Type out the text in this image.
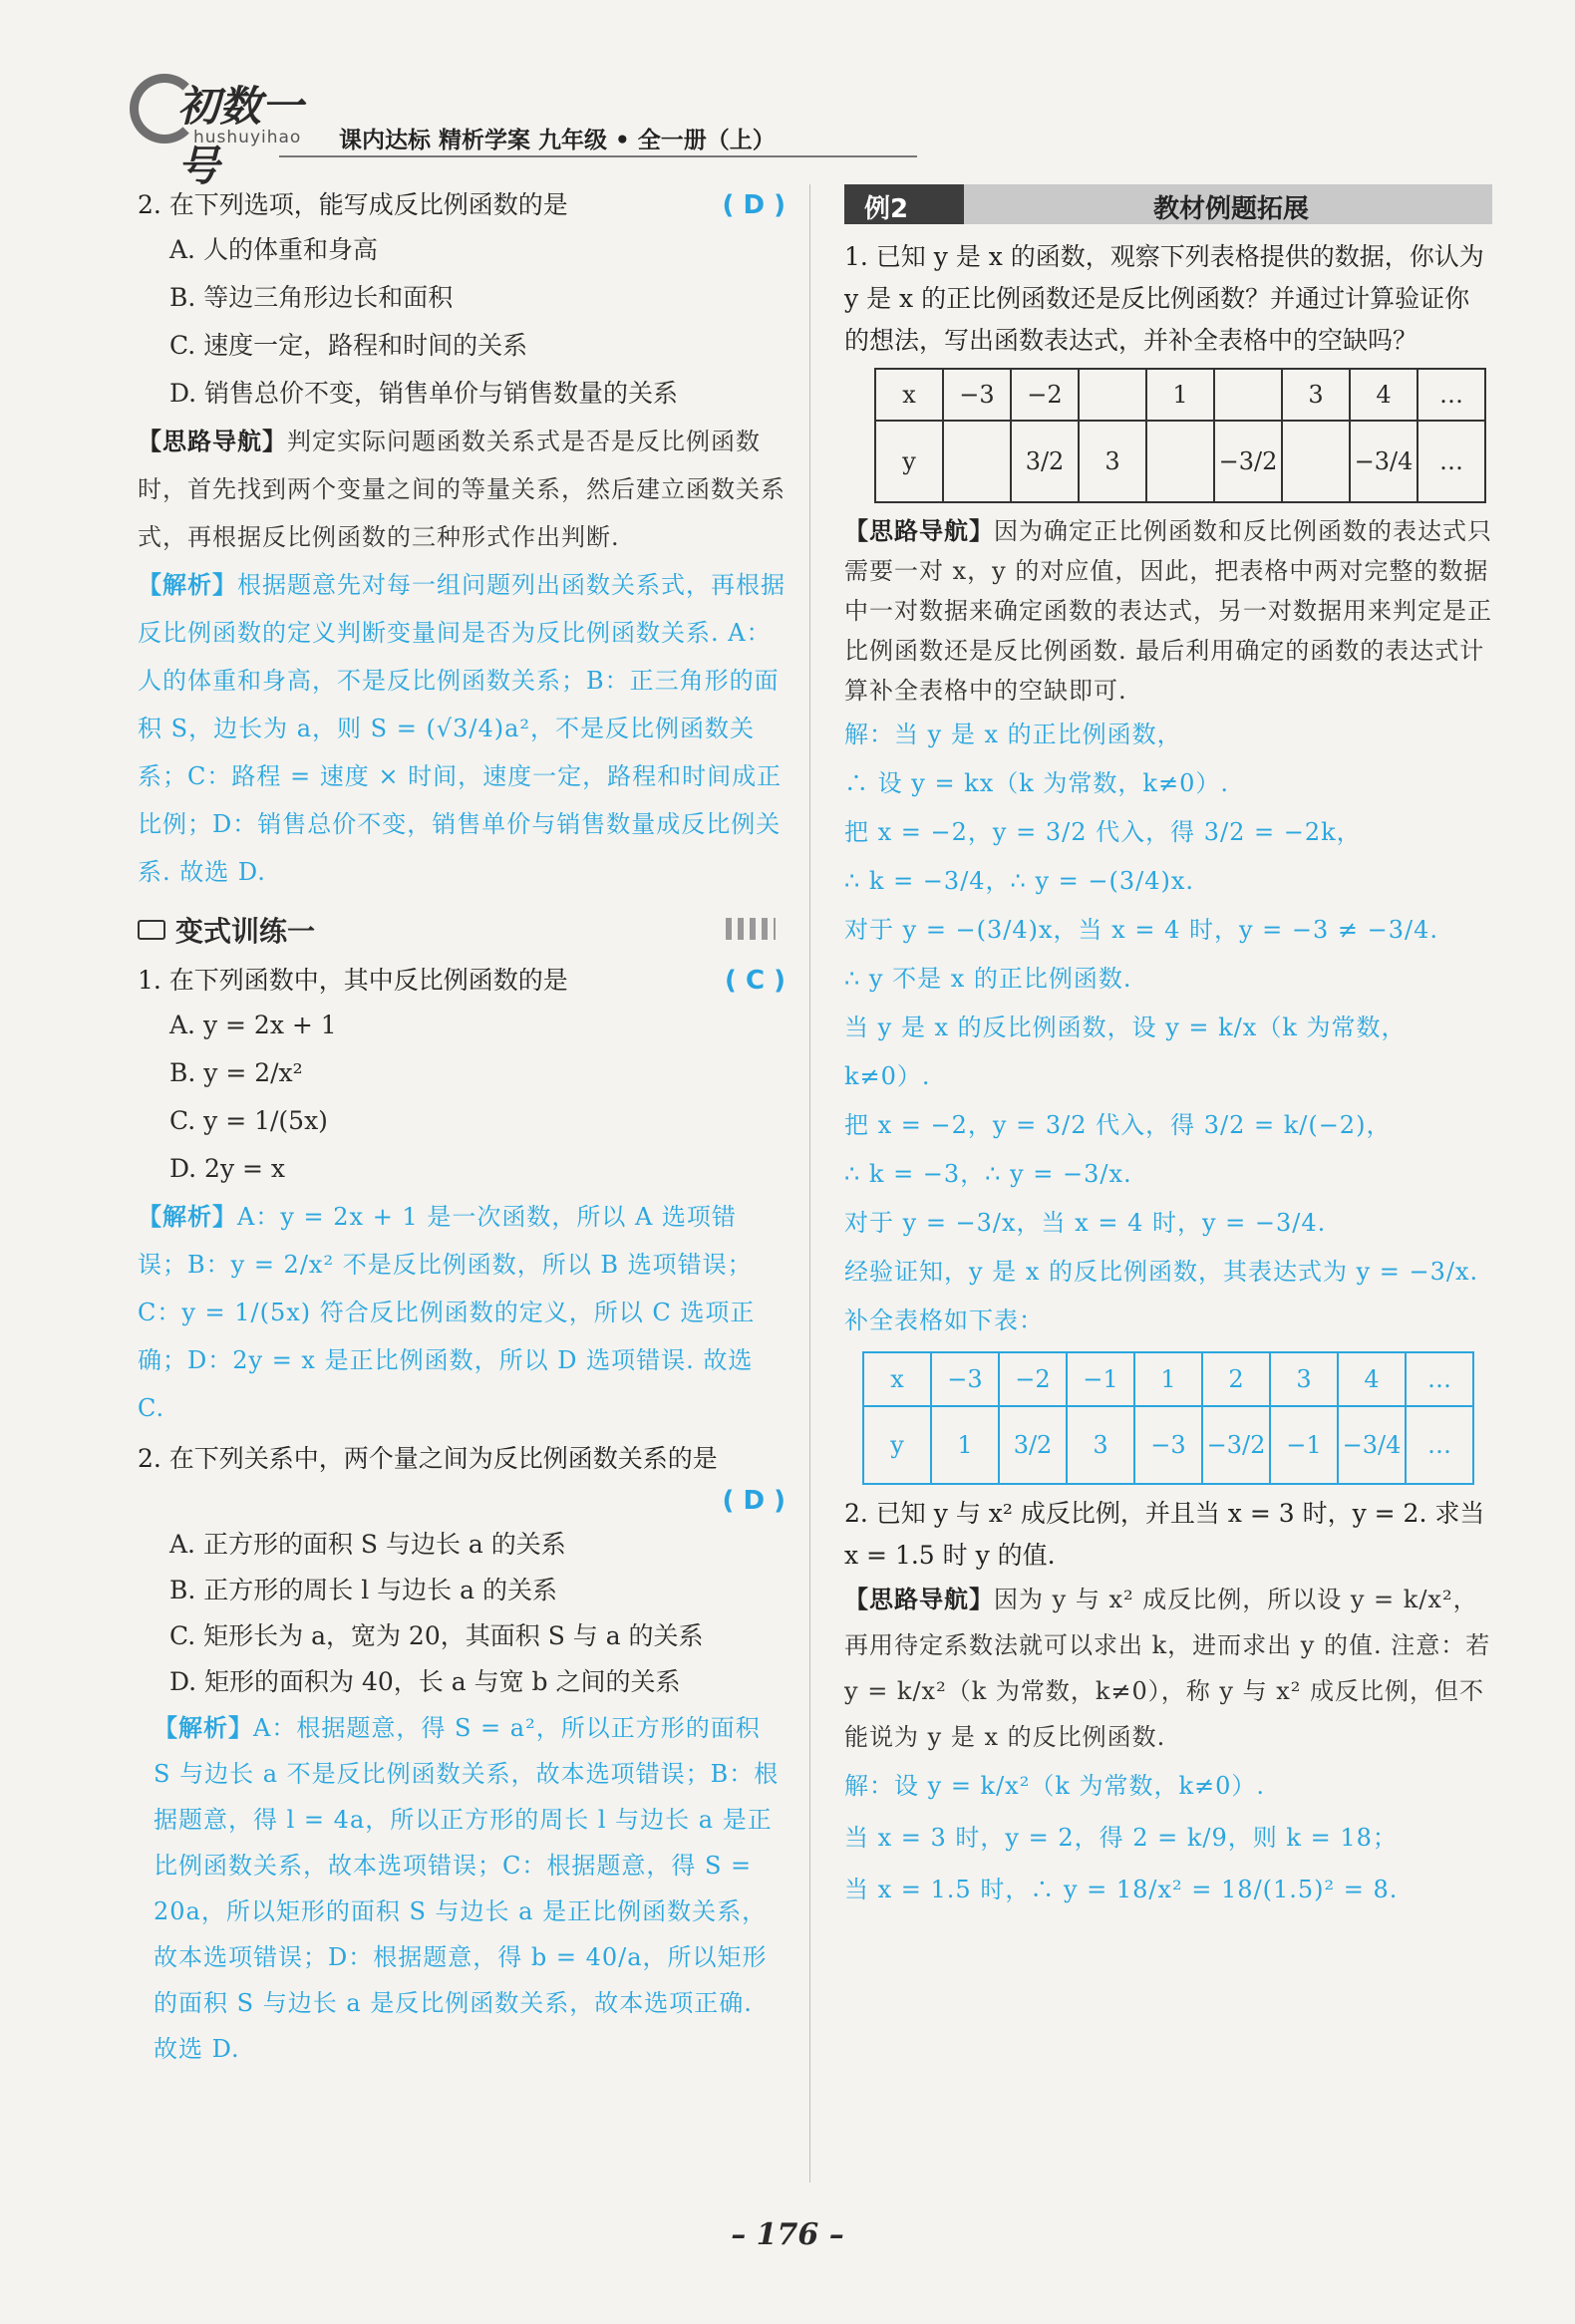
初数一号
hushuyihao 课内达标 精析学案 九年级 • 全一册（上）
( D )
2. 在下列选项，能写成反比例函数的是
A. 人的体重和身高
B. 等边三角形边长和面积
C. 速度一定，路程和时间的关系
D. 销售总价不变，销售单价与销售数量的关系
【思路导航】判定实际问题函数关系式是否是反比例函数时，首先找到两个变量之间的等量关系，然后建立函数关系式，再根据反比例函数的三种形式作出判断.
【解析】根据题意先对每一组问题列出函数关系式，再根据反比例函数的定义判断变量间是否为反比例函数关系. A：人的体重和身高，不是反比例函数关系；B：正三角形的面积 S，边长为 a，则 S = (√3/4)a²，不是反比例函数关系；C：路程 = 速度 × 时间，速度一定，路程和时间成正比例；D：销售总价不变，销售单价与销售数量成反比例关系. 故选 D.
变式训练一
( C )
1. 在下列函数中，其中反比例函数的是
A. y = 2x + 1
B. y = 2/x²
C. y = 1/(5x)
D. 2y = x
【解析】A：y = 2x + 1 是一次函数，所以 A 选项错误；B：y = 2/x² 不是反比例函数，所以 B 选项错误；C：y = 1/(5x) 符合反比例函数的定义，所以 C 选项正确；D：2y = x 是正比例函数，所以 D 选项错误. 故选 C.
2. 在下列关系中，两个量之间为反比例函数关系的是
( D )
A. 正方形的面积 S 与边长 a 的关系
B. 正方形的周长 l 与边长 a 的关系
C. 矩形长为 a，宽为 20，其面积 S 与 a 的关系
D. 矩形的面积为 40，长 a 与宽 b 之间的关系
【解析】A：根据题意，得 S = a²，所以正方形的面积 S 与边长 a 不是反比例函数关系，故本选项错误；B：根据题意，得 l = 4a，所以正方形的周长 l 与边长 a 是正比例函数关系，故本选项错误；C：根据题意，得 S = 20a，所以矩形的面积 S 与边长 a 是正比例函数关系，故本选项错误；D：根据题意，得 b = 40/a，所以矩形的面积 S 与边长 a 是反比例函数关系，故本选项正确. 故选 D.
例2	教材例题拓展
1. 已知 y 是 x 的函数，观察下列表格提供的数据，你认为 y 是 x 的正比例函数还是反比例函数？并通过计算验证你的想法，写出函数表达式，并补全表格中的空缺吗？
x	−3	−2		1		3	4	…
y		3/2	3		−3/2		−3/4	…
【思路导航】因为确定正比例函数和反比例函数的表达式只需要一对 x，y 的对应值，因此，把表格中两对完整的数据中一对数据来确定函数的表达式，另一对数据用来判定是正比例函数还是反比例函数. 最后利用确定的函数的表达式计算补全表格中的空缺即可.
解：当 y 是 x 的正比例函数，
∴ 设 y = kx（k 为常数，k≠0）.
把 x = −2，y = 3/2 代入，得 3/2 = −2k，
∴ k = −3/4，∴ y = −(3/4)x.
对于 y = −(3/4)x，当 x = 4 时，y = −3 ≠ −3/4.
∴ y 不是 x 的正比例函数.
当 y 是 x 的反比例函数，设 y = k/x（k 为常数，k≠0）.
把 x = −2，y = 3/2 代入，得 3/2 = k/(−2)，
∴ k = −3，∴ y = −3/x.
对于 y = −3/x，当 x = 4 时，y = −3/4.
经验证知，y 是 x 的反比例函数，其表达式为 y = −3/x.
补全表格如下表：
x	−3	−2	−1	1	2	3	4	…
y	1	3/2	3	−3	−3/2	−1	−3/4	…
2. 已知 y 与 x² 成反比例，并且当 x = 3 时，y = 2. 求当 x = 1.5 时 y 的值.
【思路导航】因为 y 与 x² 成反比例，所以设 y = k/x²，再用待定系数法就可以求出 k，进而求出 y 的值. 注意：若 y = k/x²（k 为常数，k≠0），称 y 与 x² 成反比例，但不能说为 y 是 x 的反比例函数.
解：设 y = k/x²（k 为常数，k≠0）.
当 x = 3 时，y = 2，得 2 = k/9，则 k = 18；
当 x = 1.5 时，∴ y = 18/x² = 18/(1.5)² = 8.
– 176 –
